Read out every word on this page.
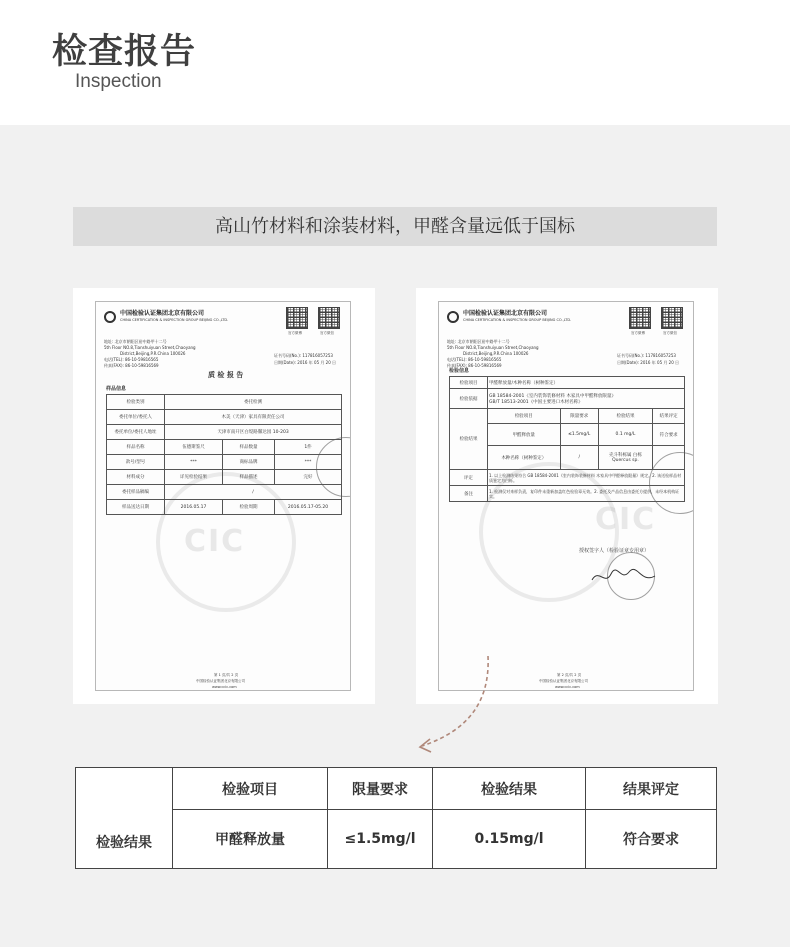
检查报告
Inspection
高山竹材料和涂装材料，甲醛含量远低于国标
CIC
中国检验认证集团北京有限公司
CHINA CERTIFICATION & INSPECTION GROUP BEIJING CO.,LTD.
官方微博	官方微信
地址: 北京市朝阳区裕中路甲十二号
5th Floor NO.8,Tianshuiyuan Street,Chaoyang
District,Beijing,P.R.China 100026
电话(TEL): 86-10-59816565
传真(FAX): 86-10-59816569
证书号码(No.): 117816057253
日期(Date): 2016 年 05 月 20 日
质 检 报 告
样品信息
检验类别	委托检测		
委托单位/委托人	木美（天津）家具有限责任公司		
委托单位/委托人地址	天津市南开区白堤路馨达园 10-203		
样品名称	伍德斯鉴尺	样品数量	1件
款号/型号	***	商标品牌	***
材料成分	详见检验结果	样品描述	完好
委托样品稿编	/		
样品送达日期	2016.05.17	检验周期	2016.05.17-05.20
第 1 页/共 2 页
中国检验认证集团北京有限公司
www.ccic.com
CIC
中国检验认证集团北京有限公司
CHINA CERTIFICATION & INSPECTION GROUP BEIJING CO.,LTD.
官方微博	官方微信
地址: 北京市朝阳区裕中路甲十二号
5th Floor NO.8,Tianshuiyuan Street,Chaoyang
District,Beijing,P.R.China 100026
电话(TEL): 86-10-59816565
传真(FAX): 86-10-59816569
证书号码(No.): 117816057253
日期(Date): 2016 年 05 月 20 日
检验信息
检验项目	甲醛释放量/木种名称（树种鉴定）			
检验依据	GB 18584-2001《室内装饰装修材料 木家具中甲醛释放限量》
GB/T 18513-2001《中国主要进口木材名称》			

检验结果	检验项目	限量要求	检验结果	结果评定
	甲醛释放量	≤1.5mg/L	0.1 mg/L	符合要求
	木种名称（树种鉴定）	/	壳斗科栎属 白栎
Quercus sp.	

评定	1. 以上检测结果符合 GB 18584-2001《室内装饰装修材料 木家具中甲醛释放限量》规定。2. 该送检样品材质鉴定为白栎。			
备注	1. 检测仅对来样负责，复印件未重新加盖红色检验章无效。2. 委托及产品信息由委托方提供，未经本机构证实。			
授权签字人（检验证章专用章）
第 2 页/共 2 页
中国检验认证集团北京有限公司
www.ccic.com
检验结果	检验项目	限量要求	检验结果	结果评定
	甲醛释放量	≤1.5mg/l	0.15mg/l	符合要求
